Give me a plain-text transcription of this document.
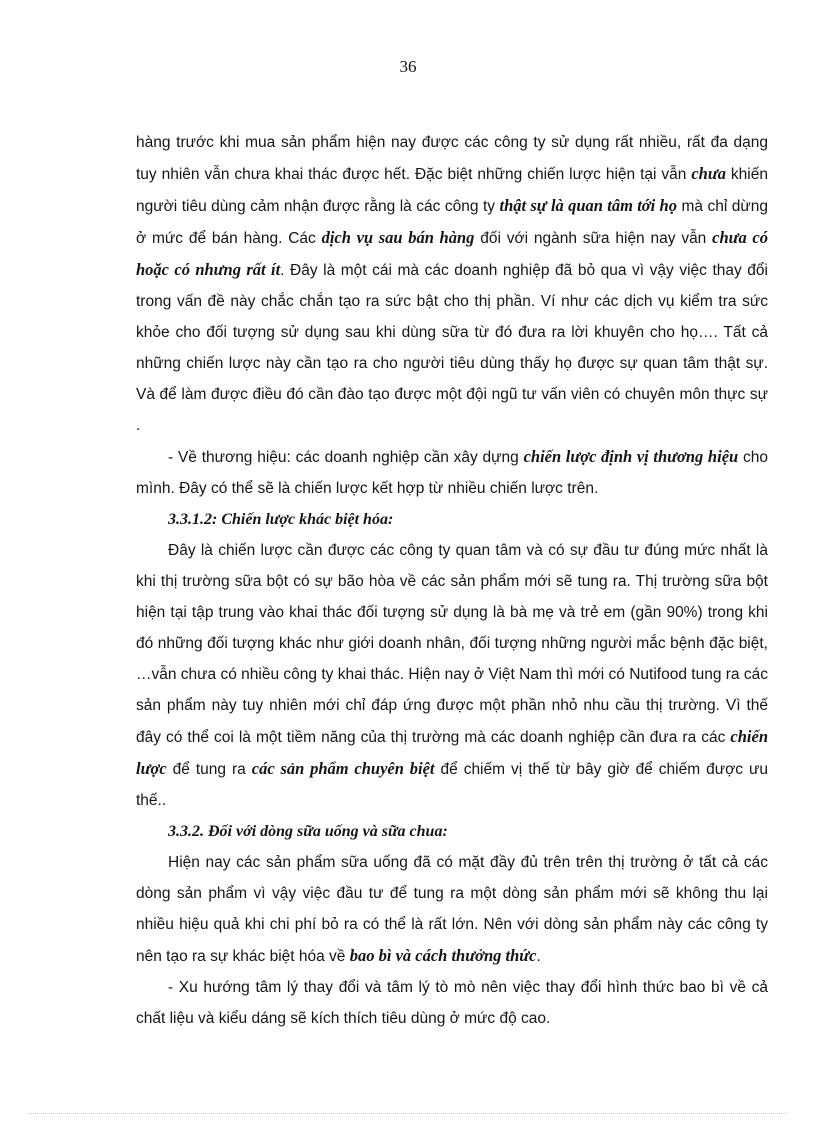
36

hàng trước khi mua sản phẩm hiện nay được các công ty sử dụng rất nhiều, rất đa dạng tuy nhiên vẫn chưa khai thác được hết. Đặc biệt những chiến lược hiện tại vẫn chưa khiến người tiêu dùng cảm nhận được rằng là các công ty thật sự là quan tâm tới họ mà chỉ dừng ở mức để bán hàng. Các dịch vụ sau bán hàng đối với ngành sữa hiện nay vẫn chưa có hoặc có nhưng rất ít. Đây là một cái mà các doanh nghiệp đã bỏ qua vì vậy việc thay đổi trong vấn đề này chắc chắn tạo ra sức bật cho thị phần. Ví như các dịch vụ kiểm tra sức khỏe cho đối tượng sử dụng sau khi dùng sữa từ đó đưa ra lời khuyên cho họ…. Tất cả những chiến lược này cần tạo ra cho người tiêu dùng thấy họ được sự quan tâm thật sự. Và để làm được điều đó cần đào tạo được một đội ngũ tư vấn viên có chuyên môn thực sự .

- Về thương hiệu: các doanh nghiệp cần xây dựng chiến lược định vị thương hiệu cho mình. Đây có thể sẽ là chiến lược kết hợp từ nhiều chiến lược trên.

3.3.1.2: Chiến lược khác biệt hóa:

Đây là chiến lược cần được các công ty quan tâm và có sự đầu tư đúng mức nhất là khi thị trường sữa bột có sự bão hòa về các sản phẩm mới sẽ tung ra. Thị trường sữa bột hiện tại tập trung vào khai thác đối tượng sử dụng là bà mẹ và trẻ em (gần 90%) trong khi đó những đối tượng khác như giới doanh nhân, đối tượng những người mắc bệnh đặc biệt, …vẫn chưa có nhiều công ty khai thác. Hiện nay ở Việt Nam thì mới có Nutifood tung ra các sản phẩm này tuy nhiên mới chỉ đáp ứng được một phần nhỏ nhu cầu thị trường. Vì thế đây có thể coi là một tiềm năng của thị trường mà các doanh nghiệp cần đưa ra các chiến lược để tung ra các sản phẩm chuyên biệt để chiếm vị thế từ bây giờ để chiếm được ưu thế..

3.3.2. Đối với dòng sữa uống và sữa chua:

Hiện nay các sản phẩm sữa uống đã có mặt đầy đủ trên trên thị trường ở tất cả các dòng sản phẩm vì vậy việc đầu tư để tung ra một dòng sản phẩm mới sẽ không thu lại nhiều hiệu quả khi chi phí bỏ ra có thể là rất lớn. Nên với dòng sản phẩm này các công ty nên tạo ra sự khác biệt hóa về bao bì và cách thưởng thức.

- Xu hướng tâm lý thay đổi và tâm lý tò mò nên việc thay đổi hình thức bao bì về cả chất liệu và kiểu dáng sẽ kích thích tiêu dùng ở mức độ cao.
